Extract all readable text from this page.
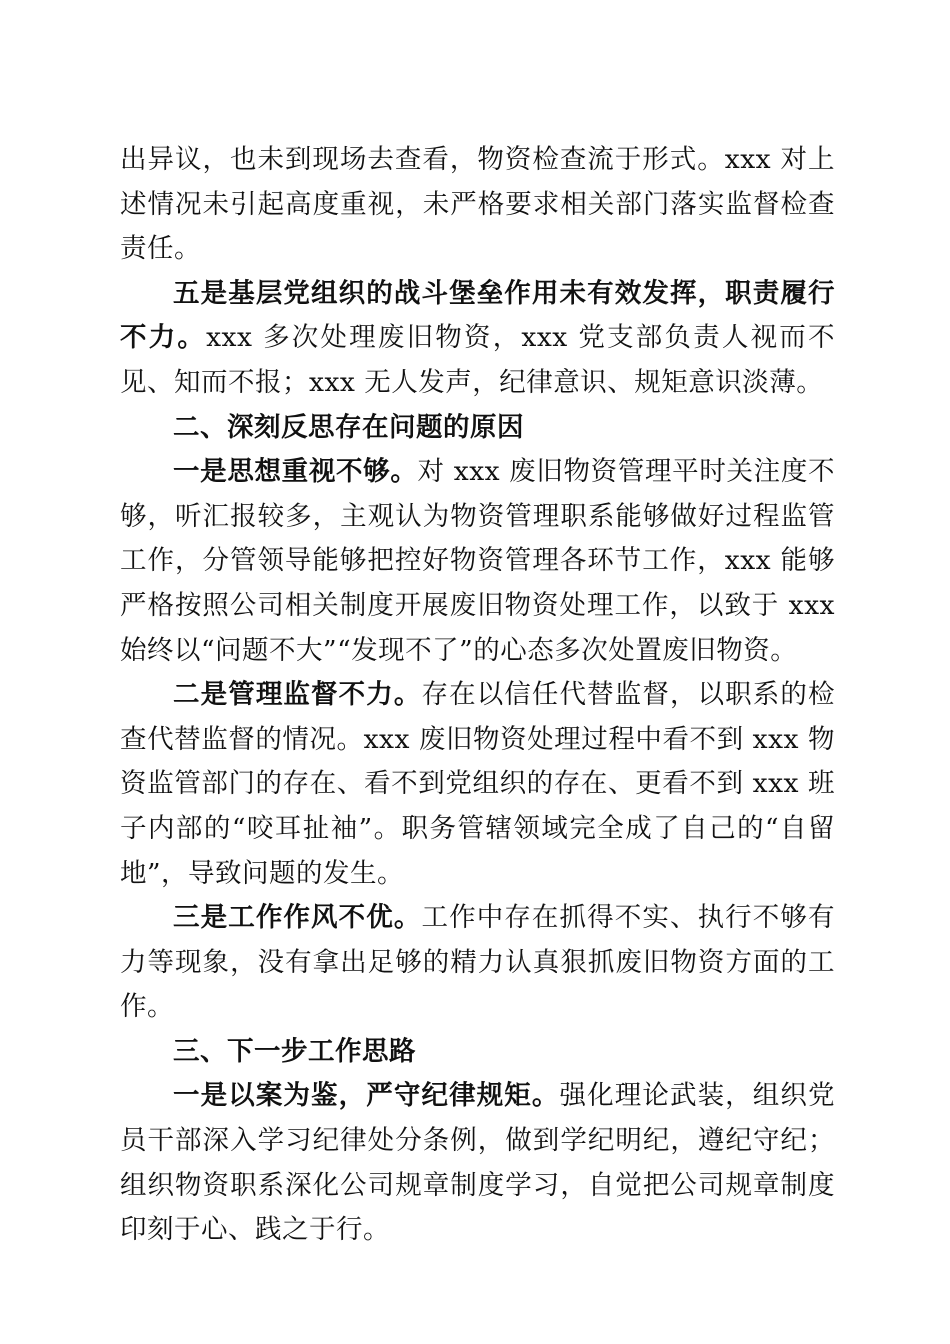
出异议，也未到现场去查看，物资检查流于形式。xxx 对上述情况未引起高度重视，未严格要求相关部门落实监督检查责任。

五是基层党组织的战斗堡垒作用未有效发挥，职责履行不力。xxx 多次处理废旧物资，xxx 党支部负责人视而不见、知而不报；xxx 无人发声，纪律意识、规矩意识淡薄。

二、深刻反思存在问题的原因

一是思想重视不够。对 xxx 废旧物资管理平时关注度不够，听汇报较多，主观认为物资管理职系能够做好过程监管工作，分管领导能够把控好物资管理各环节工作，xxx 能够严格按照公司相关制度开展废旧物资处理工作，以致于 xxx 始终以“问题不大”“发现不了”的心态多次处置废旧物资。

二是管理监督不力。存在以信任代替监督，以职系的检查代替监督的情况。xxx 废旧物资处理过程中看不到 xxx 物资监管部门的存在、看不到党组织的存在、更看不到 xxx 班子内部的“咬耳扯袖”。职务管辖领域完全成了自己的“自留地”，导致问题的发生。

三是工作作风不优。工作中存在抓得不实、执行不够有力等现象，没有拿出足够的精力认真狠抓废旧物资方面的工作。

三、下一步工作思路

一是以案为鉴，严守纪律规矩。强化理论武装，组织党员干部深入学习纪律处分条例，做到学纪明纪，遵纪守纪；组织物资职系深化公司规章制度学习，自觉把公司规章制度印刻于心、践之于行。
